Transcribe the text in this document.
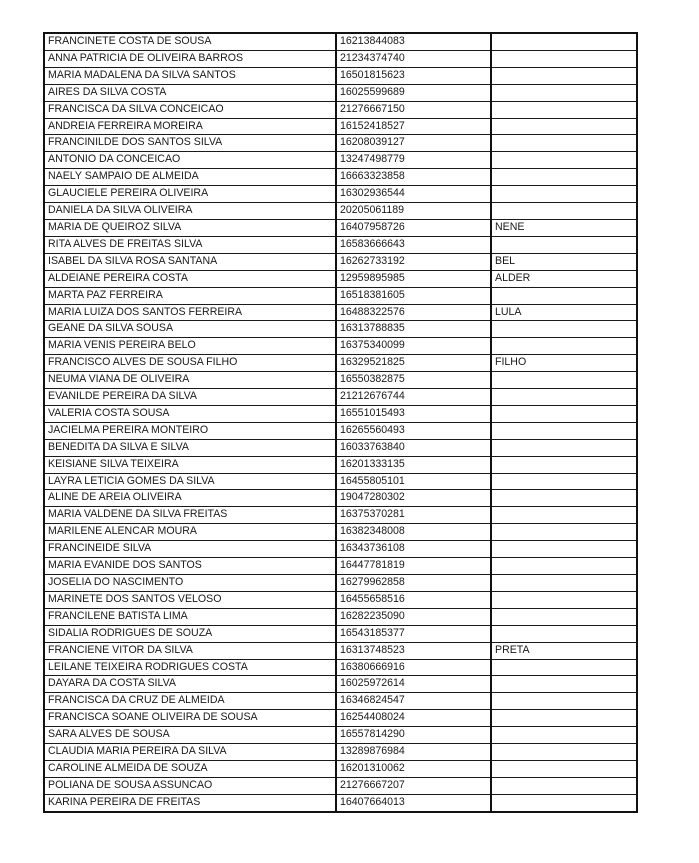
FRANCINETE COSTA DE SOUSA	16213844083	
ANNA PATRICIA DE OLIVEIRA BARROS	21234374740	
MARIA MADALENA DA SILVA SANTOS	16501815623	
AIRES DA SILVA COSTA	16025599689	
FRANCISCA DA SILVA CONCEICAO	21276667150	
ANDREIA FERREIRA MOREIRA	16152418527	
FRANCINILDE DOS SANTOS SILVA	16208039127	
ANTONIO DA CONCEICAO	13247498779	
NAELY SAMPAIO DE ALMEIDA	16663323858	
GLAUCIELE PEREIRA OLIVEIRA	16302936544	
DANIELA DA SILVA OLIVEIRA	20205061189	
MARIA DE QUEIROZ SILVA	16407958726	NENE
RITA ALVES DE FREITAS SILVA	16583666643	
ISABEL DA SILVA ROSA SANTANA	16262733192	BEL
ALDEIANE PEREIRA COSTA	12959895985	ALDER
MARTA PAZ FERREIRA	16518381605	
MARIA LUIZA DOS SANTOS FERREIRA	16488322576	LULA
GEANE DA SILVA SOUSA	16313788835	
MARIA VENIS PEREIRA BELO	16375340099	
FRANCISCO ALVES DE SOUSA FILHO	16329521825	FILHO
NEUMA VIANA DE OLIVEIRA	16550382875	
EVANILDE PEREIRA DA SILVA	21212676744	
VALERIA COSTA SOUSA	16551015493	
JACIELMA PEREIRA MONTEIRO	16265560493	
BENEDITA DA SILVA E SILVA	16033763840	
KEISIANE SILVA TEIXEIRA	16201333135	
LAYRA LETICIA GOMES DA SILVA	16455805101	
ALINE DE AREIA OLIVEIRA	19047280302	
MARIA VALDENE DA SILVA FREITAS	16375370281	
MARILENE ALENCAR MOURA	16382348008	
FRANCINEIDE SILVA	16343736108	
MARIA EVANIDE DOS SANTOS	16447781819	
JOSELIA DO NASCIMENTO	16279962858	
MARINETE DOS SANTOS VELOSO	16455658516	
FRANCILENE BATISTA LIMA	16282235090	
SIDALIA RODRIGUES DE SOUZA	16543185377	
FRANCIENE VITOR DA SILVA	16313748523	PRETA
LEILANE TEIXEIRA RODRIGUES COSTA	16380666916	
DAYARA DA COSTA SILVA	16025972614	
FRANCISCA DA CRUZ DE ALMEIDA	16346824547	
FRANCISCA SOANE OLIVEIRA DE SOUSA	16254408024	
SARA ALVES DE SOUSA	16557814290	
CLAUDIA MARIA PEREIRA DA SILVA	13289876984	
CAROLINE ALMEIDA DE SOUZA	16201310062	
POLIANA DE SOUSA ASSUNCAO	21276667207	
KARINA PEREIRA DE FREITAS	16407664013	
